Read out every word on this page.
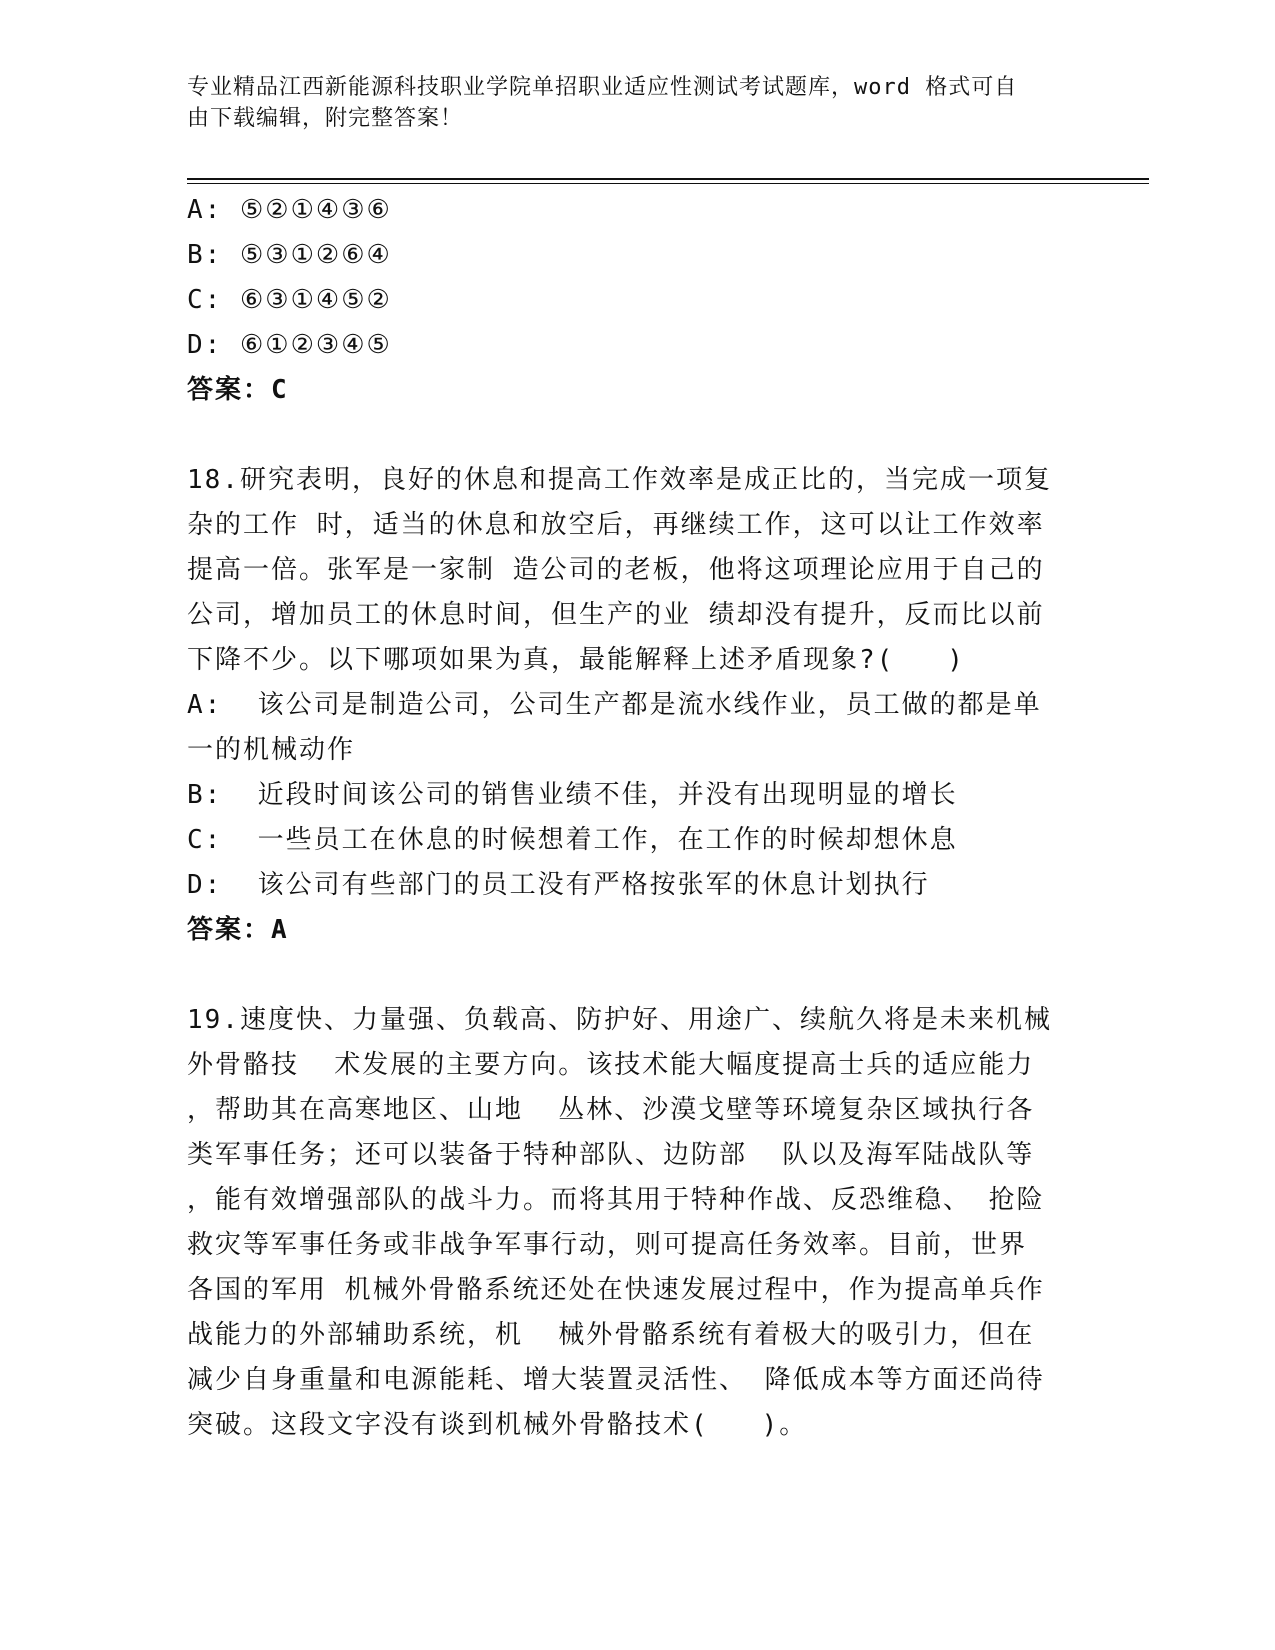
专业精品江西新能源科技职业学院单招职业适应性测试考试题库，word 格式可自
由下载编辑，附完整答案！
A: ⑤②①④③⑥
B: ⑤③①②⑥④
C: ⑥③①④⑤②
D: ⑥①②③④⑤
答案：C
18.研究表明，良好的休息和提高工作效率是成正比的，当完成一项复
杂的工作 时，适当的休息和放空后，再继续工作，这可以让工作效率
提高一倍。张军是一家制 造公司的老板，他将这项理论应用于自己的
公司，增加员工的休息时间，但生产的业 绩却没有提升，反而比以前
下降不少。以下哪项如果为真，最能解释上述矛盾现象?(   )
A:  该公司是制造公司，公司生产都是流水线作业，员工做的都是单
一的机械动作
B:  近段时间该公司的销售业绩不佳，并没有出现明显的增长
C:  一些员工在休息的时候想着工作，在工作的时候却想休息
D:  该公司有些部门的员工没有严格按张军的休息计划执行
答案：A
19.速度快、力量强、负载高、防护好、用途广、续航久将是未来机械
外骨骼技  术发展的主要方向。该技术能大幅度提高士兵的适应能力
，帮助其在高寒地区、山地  丛林、沙漠戈壁等环境复杂区域执行各
类军事任务；还可以装备于特种部队、边防部  队以及海军陆战队等
，能有效增强部队的战斗力。而将其用于特种作战、反恐维稳、 抢险
救灾等军事任务或非战争军事行动，则可提高任务效率。目前，世界
各国的军用 机械外骨骼系统还处在快速发展过程中，作为提高单兵作
战能力的外部辅助系统，机  械外骨骼系统有着极大的吸引力，但在
减少自身重量和电源能耗、增大装置灵活性、 降低成本等方面还尚待
突破。这段文字没有谈到机械外骨骼技术(   )。
